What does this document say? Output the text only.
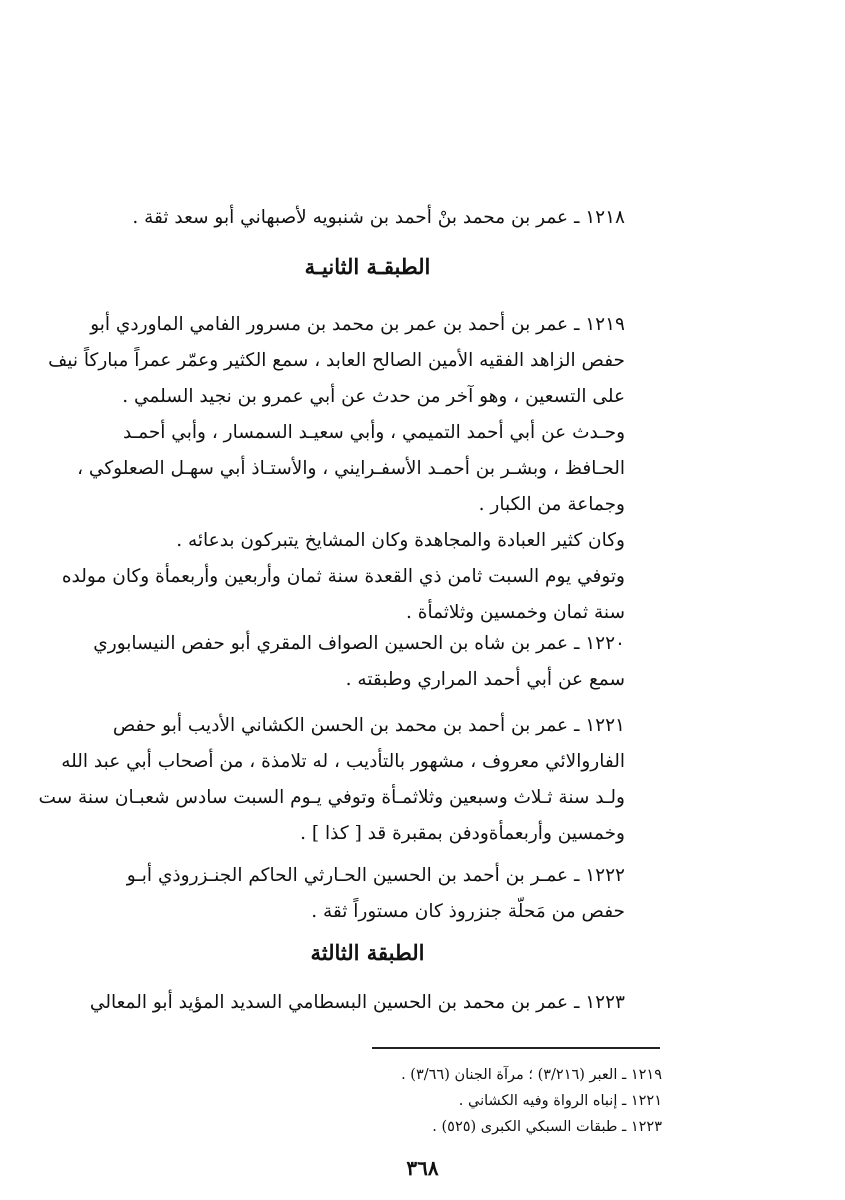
١٢١٨ ـ عمر بن محمد بنْ أحمد بن شنبويه لأصبهاني أبو سعد ثقة .
الطبقـة الثانيـة
١٢١٩ ـ عمر بن أحمد بن عمر بن محمد بن مسرور الفامي الماوردي أبو
حفص الزاهد الفقيه الأمين الصالح العابد ، سمع الكثير وعمّر عمراً مباركاً نيف
على التسعين ، وهو آخر من حدث عن أبي عمرو بن نجيد السلمي .
وحـدث عن أبي أحمد التميمي ، وأبي سعيـد السمسار ، وأبي أحمـد
الحـافظ ، وبشـر بن أحمـد الأسفـرايني ، والأستـاذ أبي سهـل الصعلوكي ،
وجماعة من الكبار .
وكان كثير العبادة والمجاهدة وكان المشايخ يتبركون بدعائه .
وتوفي يوم السبت ثامن ذي القعدة سنة ثمان وأربعين وأربعمأة وكان مولده
سنة ثمان وخمسين وثلاثمأة .
١٢٢٠ ـ عمر بن شاه بن الحسين الصواف المقري أبو حفص النيسابوري
سمع عن أبي أحمد المراري وطبقته .
١٢٢١ ـ عمر بن أحمد بن محمد بن الحسن الكشاني الأديب أبو حفص
الفاروالائي معروف ، مشهور بالتأديب ، له تلامذة ، من أصحاب أبي عبد الله
ولـد سنة ثـلاث وسبعين وثلاثمـأة وتوفي يـوم السبت سادس شعبـان سنة ست
وخمسين وأربعمأةودفن بمقبرة قد [ كذا ] .
١٢٢٢ ـ عمـر بن أحمد بن الحسين الحـارثي الحاكم الجنـزروذي أبـو
حفص من مَحلّة جنزروذ كان مستوراً ثقة .
الطبقة الثالثة
١٢٢٣ ـ عمر بن محمد بن الحسين البسطامي السديد المؤيد أبو المعالي
١٢١٩ ـ العبر (٣/٢١٦) ؛ مرآة الجنان (٣/٦٦) .
١٢٢١ ـ إنباه الرواة وفيه الكشاني .
١٢٢٣ ـ طبقات السبكي الكبرى (٥٢٥) .
٣٦٨
